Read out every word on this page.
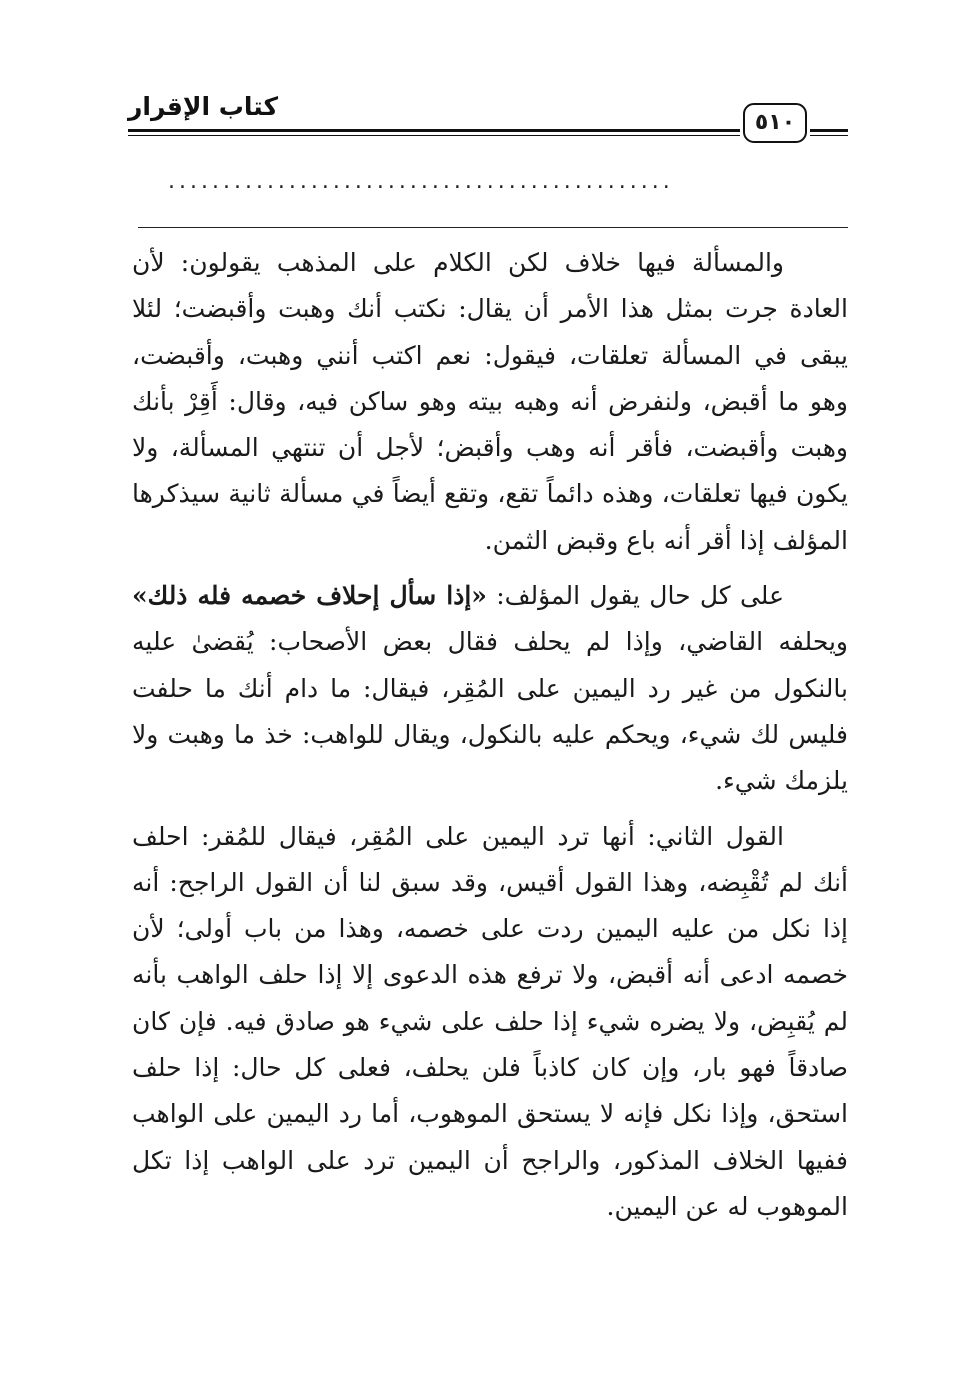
كتاب الإقرار
٥١٠
..............................................

والمسألة فيها خلاف لكن الكلام على المذهب يقولون: لأن العادة جرت بمثل هذا الأمر أن يقال: نكتب أنك وهبت وأقبضت؛ لئلا يبقى في المسألة تعلقات، فيقول: نعم اكتب أنني وهبت، وأقبضت، وهو ما أقبض، ولنفرض أنه وهبه بيته وهو ساكن فيه، وقال: أَقِرْ بأنك وهبت وأقبضت، فأقر أنه وهب وأقبض؛ لأجل أن تنتهي المسألة، ولا يكون فيها تعلقات، وهذه دائماً تقع، وتقع أيضاً في مسألة ثانية سيذكرها المؤلف إذا أقر أنه باع وقبض الثمن.

على كل حال يقول المؤلف: «إذا سأل إحلاف خصمه فله ذلك» ويحلفه القاضي، وإذا لم يحلف فقال بعض الأصحاب: يُقضىٰ عليه بالنكول من غير رد اليمين على المُقِر، فيقال: ما دام أنك ما حلفت فليس لك شيء، ويحكم عليه بالنكول، ويقال للواهب: خذ ما وهبت ولا يلزمك شيء.

القول الثاني: أنها ترد اليمين على المُقِر، فيقال للمُقر: احلف أنك لم تُقْبِضه، وهذا القول أقيس، وقد سبق لنا أن القول الراجح: أنه إذا نكل من عليه اليمين ردت على خصمه، وهذا من باب أولى؛ لأن خصمه ادعى أنه أقبض، ولا ترفع هذه الدعوى إلا إذا حلف الواهب بأنه لم يُقبِض، ولا يضره شيء إذا حلف على شيء هو صادق فيه. فإن كان صادقاً فهو بار، وإن كان كاذباً فلن يحلف، فعلى كل حال: إذا حلف استحق، وإذا نكل فإنه لا يستحق الموهوب، أما رد اليمين على الواهب ففيها الخلاف المذكور، والراجح أن اليمين ترد على الواهب إذا تكل الموهوب له عن اليمين.
